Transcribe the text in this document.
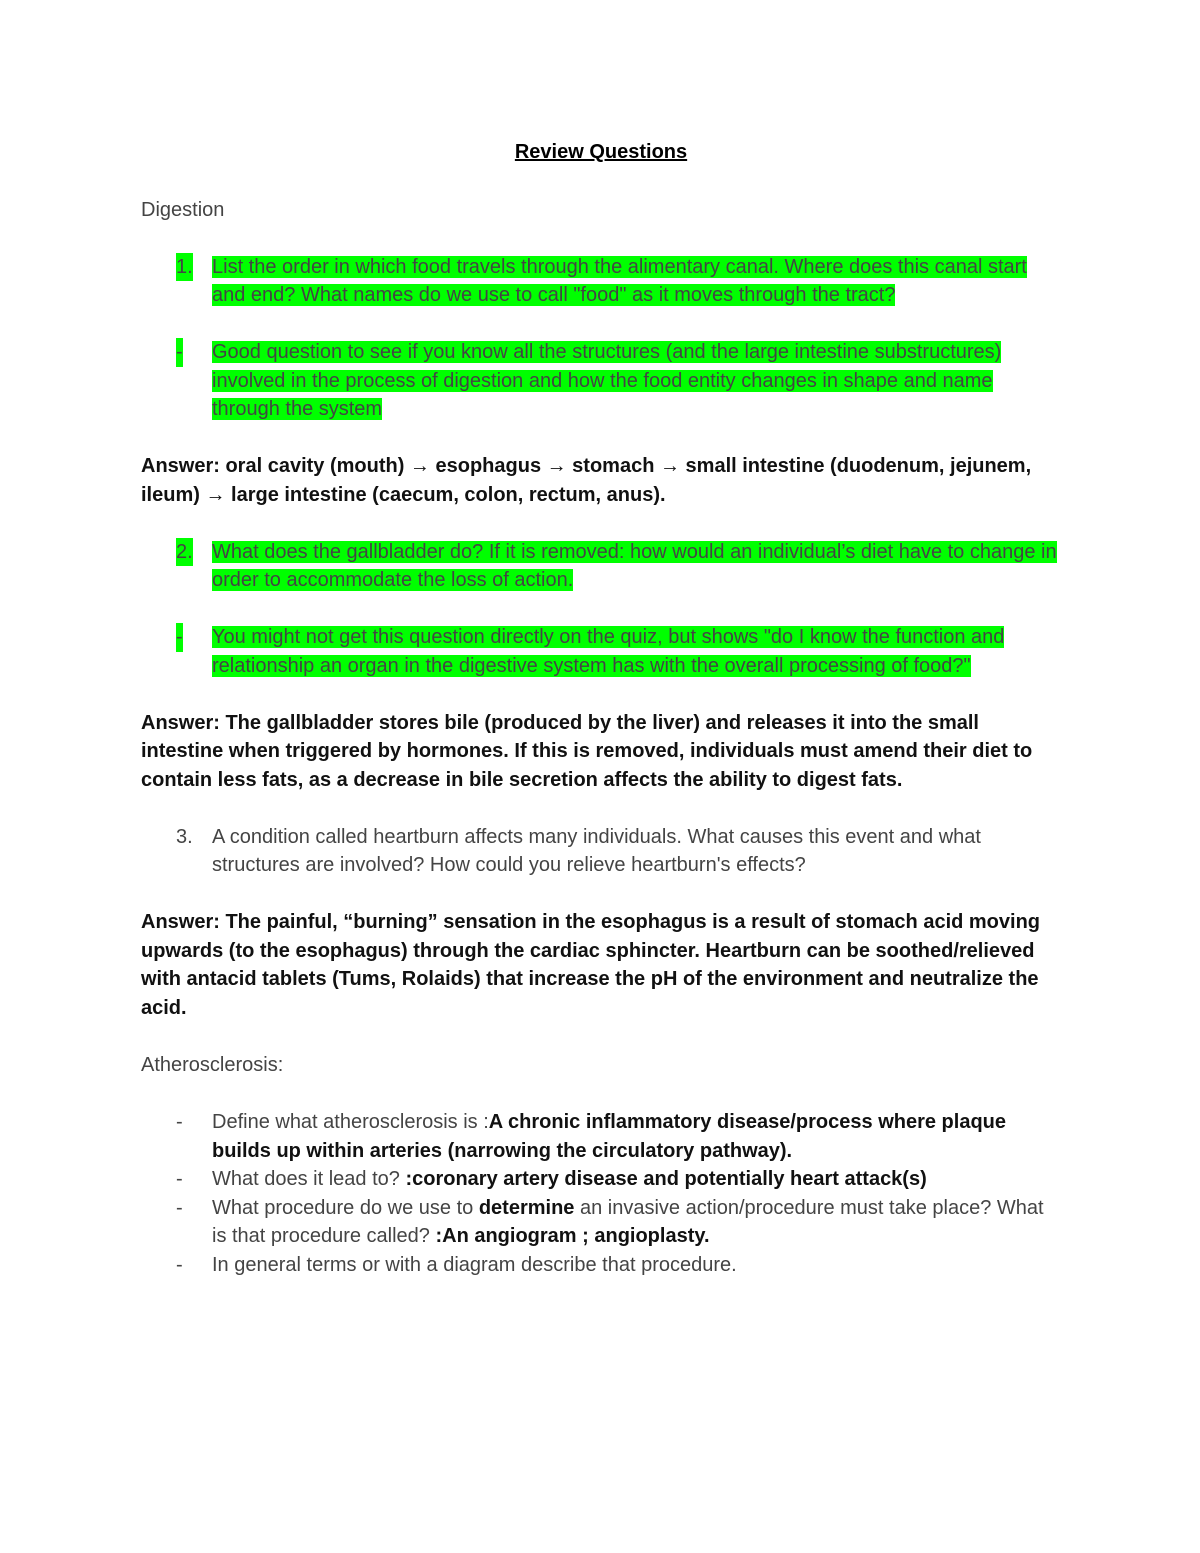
Review Questions

Digestion

1. List the order in which food travels through the alimentary canal. Where does this canal start and end? What names do we use to call "food" as it moves through the tract?
- Good question to see if you know all the structures (and the large intestine substructures) involved in the process of digestion and how the food entity changes in shape and name through the system

Answer: oral cavity (mouth) → esophagus → stomach → small intestine (duodenum, jejunem, ileum) → large intestine (caecum, colon, rectum, anus).

2. What does the gallbladder do? If it is removed: how would an individual’s diet have to change in order to accommodate the loss of action.
- You might not get this question directly on the quiz, but shows "do I know the function and relationship an organ in the digestive system has with the overall processing of food?"

Answer: The gallbladder stores bile (produced by the liver) and releases it into the small intestine when triggered by hormones. If this is removed, individuals must amend their diet to contain less fats, as a decrease in bile secretion affects the ability to digest fats.

3. A condition called heartburn affects many individuals. What causes this event and what structures are involved? How could you relieve heartburn's effects?

Answer: The painful, “burning” sensation in the esophagus is a result of stomach acid moving upwards (to the esophagus) through the cardiac sphincter. Heartburn can be soothed/relieved with antacid tablets (Tums, Rolaids) that increase the pH of the environment and neutralize the acid.

Atherosclerosis:

- Define what atherosclerosis is :A chronic inflammatory disease/process where plaque builds up within arteries (narrowing the circulatory pathway).
- What does it lead to? :coronary artery disease and potentially heart attack(s)
- What procedure do we use to determine an invasive action/procedure must take place? What is that procedure called? :An angiogram ; angioplasty.
- In general terms or with a diagram describe that procedure.
